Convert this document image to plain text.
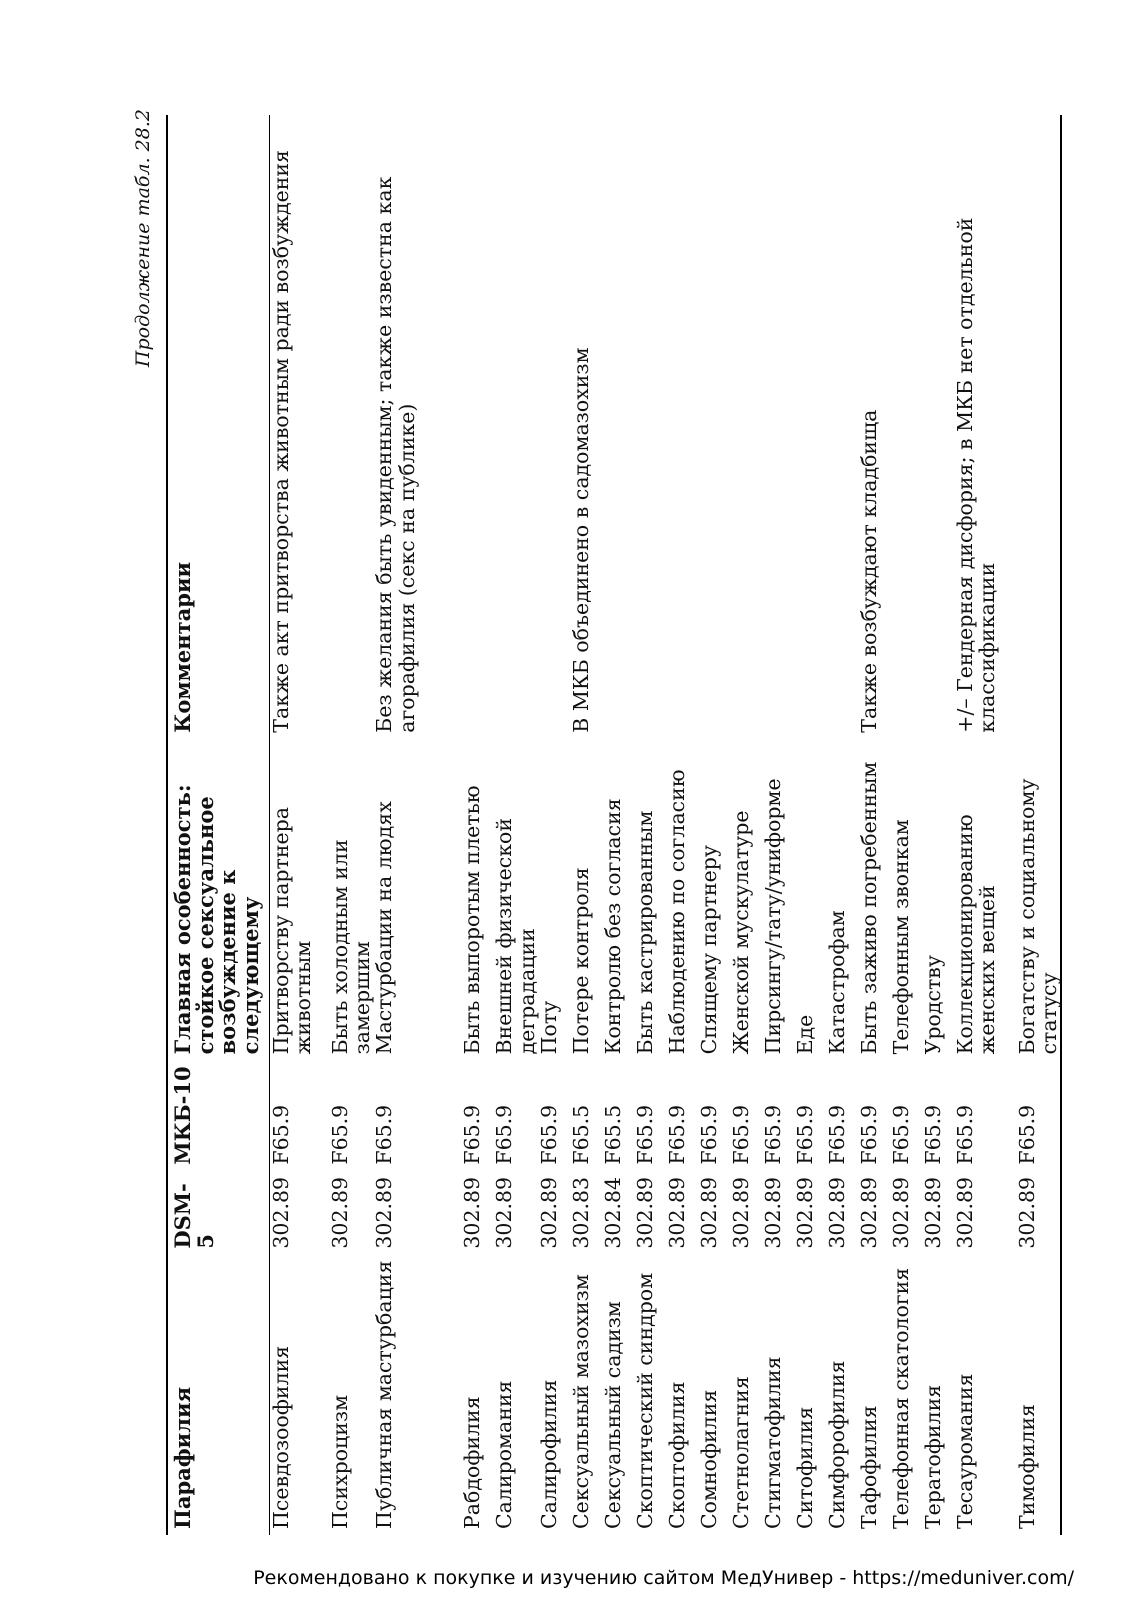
Продолжение табл. 28.2
Парафилия	DSM-5	МКБ-10	Главная особенность: стойкое сексуальное возбуждение к следующему	Комментарии
Псевдозоофилия	302.89	F65.9	Притворству партнера животным	Также акт притворства животным ради возбуждения
Психроцизм	302.89	F65.9	Быть холодным или замершим	
Публичная мастурбация	302.89	F65.9	Мастурбации на людях	Без желания быть увиденным; также известна как агорафилия (секс на публике)
Рабдофилия	302.89	F65.9	Быть выпоротым плетью	
Салиромания	302.89	F65.9	Внешней физической деградации	
Салирофилия	302.89	F65.9	Поту	
Сексуальный мазохизм	302.83	F65.5	Потере контроля	В МКБ объединено в садомазохизм
Сексуальный садизм	302.84	F65.5	Контролю без согласия	
Скоптический синдром	302.89	F65.9	Быть кастрированным	
Скоптофилия	302.89	F65.9	Наблюдению по согласию	
Сомнофилия	302.89	F65.9	Спящему партнеру	
Стетнолагния	302.89	F65.9	Женской мускулатуре	
Стигматофилия	302.89	F65.9	Пирсингу/тату/униформе	
Ситофилия	302.89	F65.9	Еде	
Симфорофилия	302.89	F65.9	Катастрофам	
Тафофилия	302.89	F65.9	Быть заживо погребенным	Также возбуждают кладбища
Телефонная скатология	302.89	F65.9	Телефонным звонкам	
Тератофилия	302.89	F65.9	Уродству	
Тесауромания	302.89	F65.9	Коллекционированию женских вещей	+/– Гендерная дисфория; в МКБ нет отдельной классификации
Тимофилия	302.89	F65.9	Богатству и социальному статусу	
Рекомендовано к покупке и изучению сайтом МедУнивер - https://meduniver.com/
